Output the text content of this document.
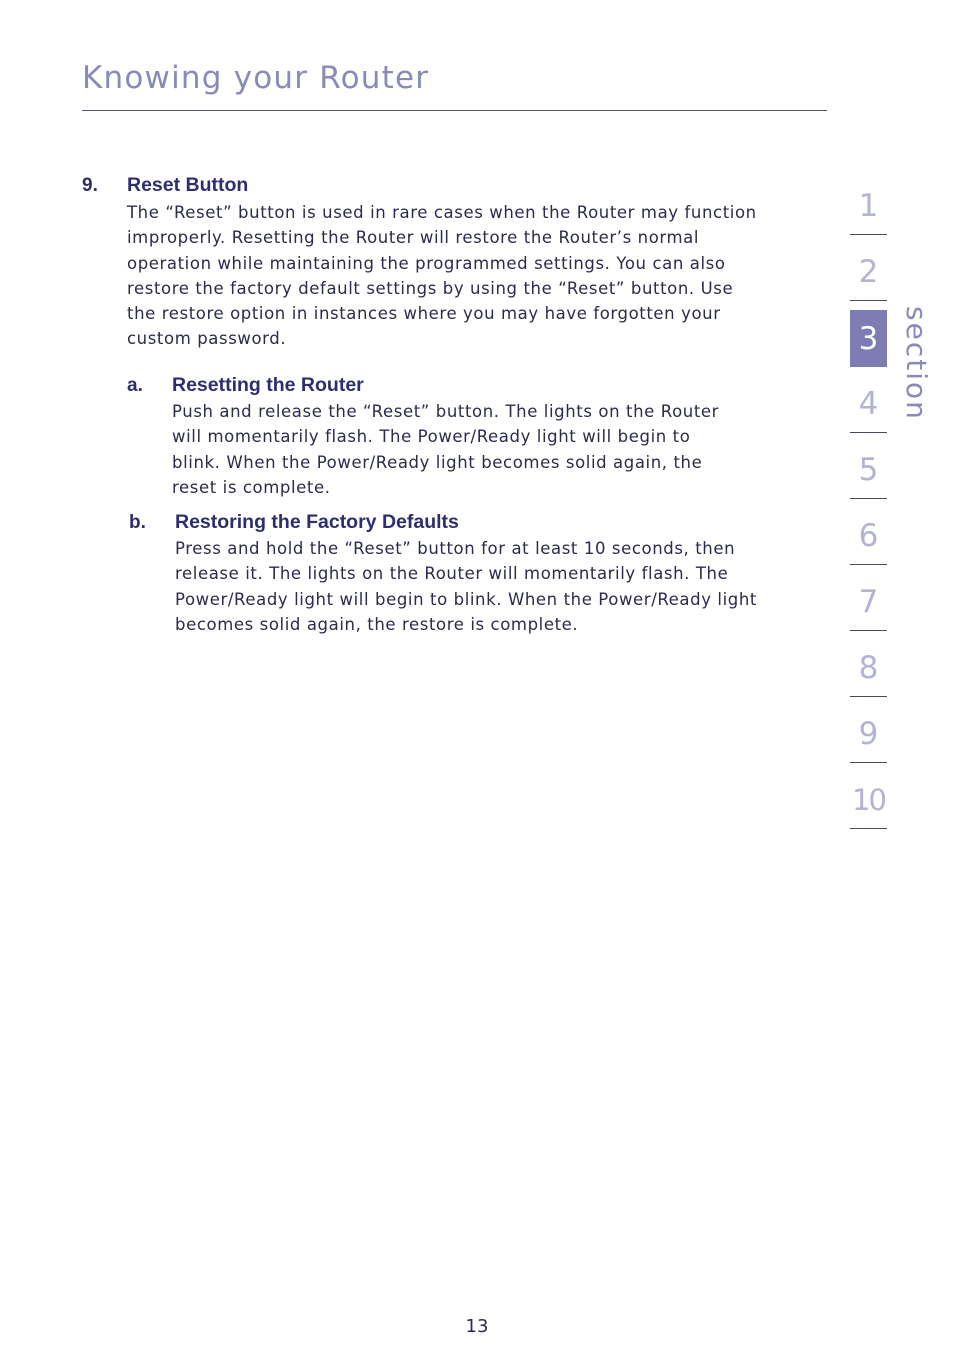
Knowing your Router
9. Reset Button
The “Reset” button is used in rare cases when the Router may function
improperly. Resetting the Router will restore the Router’s normal
operation while maintaining the programmed settings. You can also
restore the factory default settings by using the “Reset” button. Use
the restore option in instances where you may have forgotten your
custom password.
a. Resetting the Router
Push and release the “Reset” button. The lights on the Router
will momentarily flash. The Power/Ready light will begin to
blink. When the Power/Ready light becomes solid again, the
reset is complete.
b. Restoring the Factory Defaults
Press and hold the “Reset” button for at least 10 seconds, then
release it. The lights on the Router will momentarily flash. The
Power/Ready light will begin to blink. When the Power/Ready light
becomes solid again, the restore is complete.
1
2
3
4
5
6
7
8
9
10
section
13
